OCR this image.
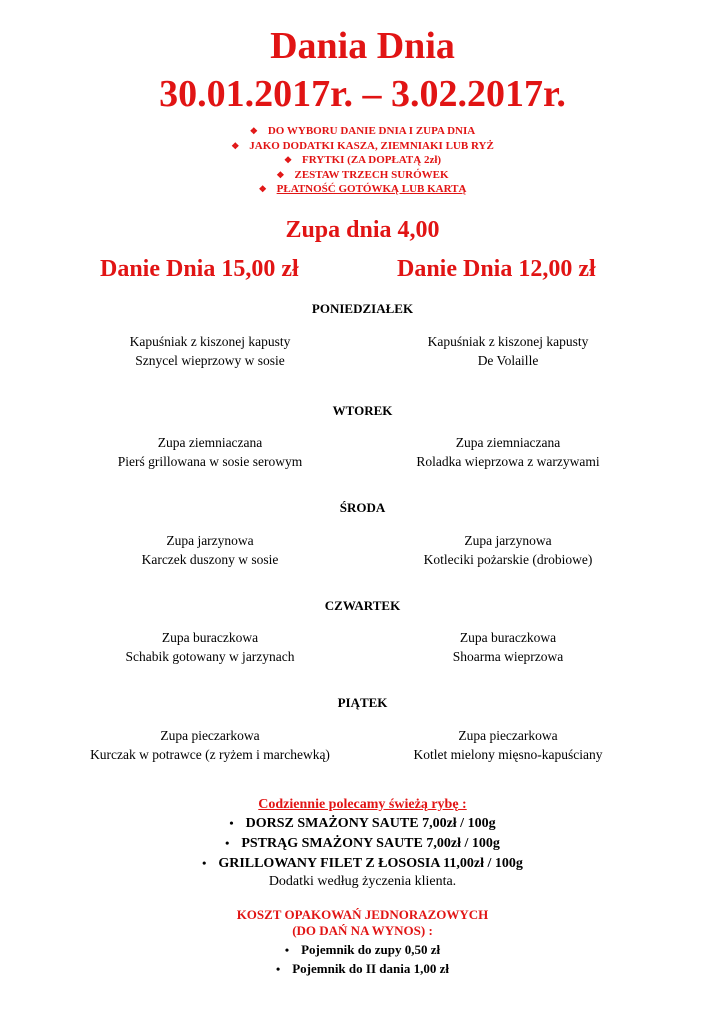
Dania Dnia
30.01.2017r. – 3.02.2017r.
❖ DO WYBORU DANIE DNIA I ZUPA DNIA
❖ JAKO DODATKI KASZA, ZIEMNIAKI LUB RYŻ
❖ FRYTKI (ZA DOPŁATĄ 2zł)
❖ ZESTAW TRZECH SURÓWEK
❖ PŁATNOŚĆ GOTÓWKĄ LUB KARTĄ
Zupa dnia 4,00
Danie Dnia 15,00 zł	Danie Dnia 12,00 zł
PONIEDZIAŁEK
Kapuśniak z kiszonej kapusty
Sznycel wieprzowy w sosie
Kapuśniak z kiszonej kapusty
De Volaille
WTOREK
Zupa ziemniaczana
Pierś grillowana w sosie serowym
Zupa ziemniaczana
Roladka wieprzowa z warzywami
ŚRODA
Zupa jarzynowa
Karczek duszony w sosie
Zupa jarzynowa
Kotleciki pożarskie (drobiowe)
CZWARTEK
Zupa buraczkowa
Schabik gotowany w jarzynach
Zupa buraczkowa
Shoarma wieprzowa
PIĄTEK
Zupa pieczarkowa
Kurczak w potrawce (z ryżem i marchewką)
Zupa pieczarkowa
Kotlet mielony mięsno-kapuściany
Codziennie polecamy świeżą rybę :
• DORSZ SMAŻONY SAUTE 7,00zł / 100g
• PSTRĄG SMAŻONY SAUTE 7,00zł / 100g
• GRILLOWANY FILET Z ŁOSOSIA 11,00zł / 100g
Dodatki według życzenia klienta.
KOSZT OPAKOWAŃ JEDNORAZOWYCH
(DO DAŃ NA WYNOS) :
• Pojemnik do zupy 0,50 zł
• Pojemnik do II dania 1,00 zł
